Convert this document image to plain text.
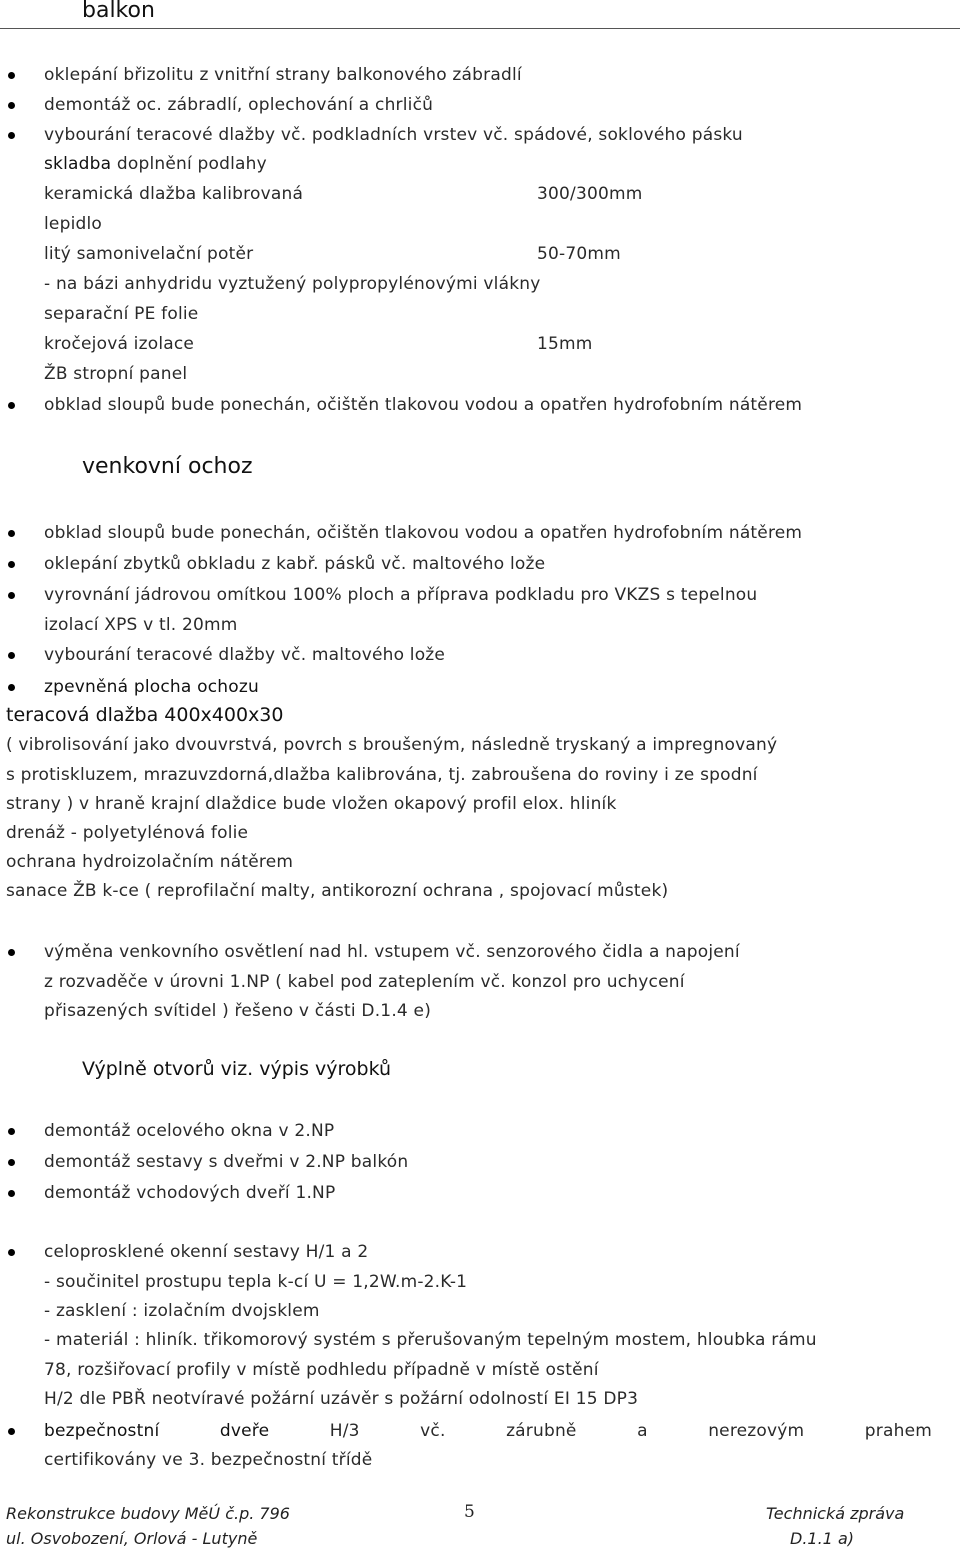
balkon
oklepání břizolitu z vnitřní strany balkonového zábradlí
demontáž oc. zábradlí, oplechování a chrličů
vybourání teracové dlažby vč. podkladních vrstev vč. spádové, soklového pásku
skladba doplnění podlahy
keramická dlažba kalibrovaná	300/300mm
lepidlo
litý samonivelační potěr	50-70mm
- na bázi anhydridu vyztužený polypropylénovými vlákny
separační PE folie
kročejová izolace	15mm
ŽB stropní panel
obklad sloupů bude ponechán, očištěn tlakovou vodou a opatřen hydrofobním nátěrem
venkovní ochoz
obklad sloupů bude ponechán, očištěn tlakovou vodou a opatřen hydrofobním nátěrem
oklepání zbytků obkladu z kabř. pásků vč. maltového lože
vyrovnání jádrovou omítkou 100% ploch a příprava podkladu pro VKZS s tepelnou
izolací XPS v tl. 20mm
vybourání teracové dlažby vč. maltového lože
zpevněná plocha ochozu
teracová dlažba 400x400x30
( vibrolisování jako dvouvrstvá, povrch s broušeným, následně tryskaný a impregnovaný
s protiskluzem, mrazuvzdorná,dlažba kalibrována, tj. zabroušena do roviny i ze spodní
strany ) v hraně krajní dlaždice bude vložen okapový profil elox. hliník
drenáž - polyetylénová folie
ochrana hydroizolačním nátěrem
sanace ŽB k-ce ( reprofilační malty, antikorozní ochrana , spojovací můstek)
výměna venkovního osvětlení nad hl. vstupem vč. senzorového čidla a napojení
z rozvaděče v úrovni 1.NP ( kabel pod zateplením vč. konzol pro uchycení
přisazených svítidel ) řešeno v části D.1.4 e)
Výplně otvorů viz. výpis výrobků
demontáž ocelového okna v 2.NP
demontáž sestavy s dveřmi v 2.NP balkón
demontáž vchodových dveří 1.NP
celoprosklené okenní sestavy H/1 a 2
- součinitel prostupu tepla k-cí U = 1,2W.m-2.K-1
- zasklení : izolačním dvojsklem
- materiál : hliník. třikomorový systém s přerušovaným tepelným mostem, hloubka rámu
78, rozšiřovací profily v místě podhledu případně v místě ostění
H/2 dle PBŘ neotvíravé požární uzávěr s požární odolností EI 15 DP3
bezpečnostní	dveře	H/3	vč.	zárubně	a	nerezovým	prahem
certifikovány ve 3. bezpečnostní třídě
Rekonstrukce budovy MěÚ č.p. 796
ul. Osvobození, Orlová - Lutyně
5	Technická zpráva
D.1.1 a)
